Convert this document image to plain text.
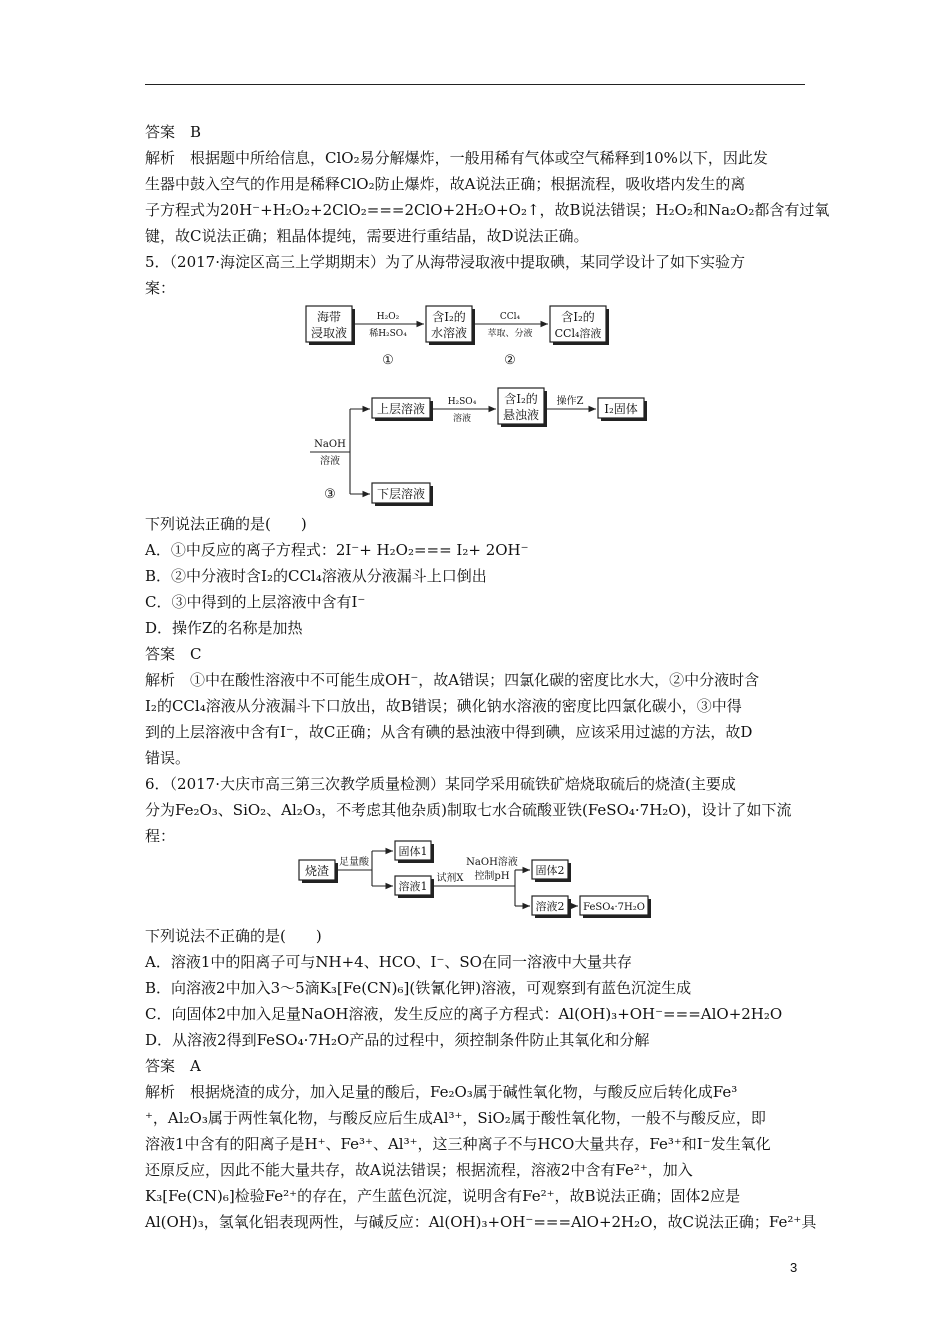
答案　B
解析　根据题中所给信息，ClO₂易分解爆炸，一般用稀有气体或空气稀释到10%以下，因此发
生器中鼓入空气的作用是稀释ClO₂防止爆炸，故A说法正确；根据流程，吸收塔内发生的离
子方程式为20H⁻+H₂O₂+2ClO₂===2ClO+2H₂O+O₂↑，故B说法错误；H₂O₂和Na₂O₂都含有过氧
键，故C说法正确；粗晶体提纯，需要进行重结晶，故D说法正确。
5．（2017·海淀区高三上学期期末）为了从海带浸取液中提取碘，某同学设计了如下实验方
案：
海带
浸取液
H₂O₂
稀H₂SO₄
含I₂的
水溶液
CCl₄
萃取、分液
含I₂的
CCl₄溶液
①	②
NaOH
溶液
上层溶液	H₂SO₄
溶液
含I₂的
悬浊液
操作Z
I₂固体
下层溶液
③
下列说法正确的是(　　)
A．①中反应的离子方程式：2I⁻+ H₂O₂=== I₂+ 2OH⁻
B．②中分液时含I₂的CCl₄溶液从分液漏斗上口倒出
C．③中得到的上层溶液中含有I⁻
D．操作Z的名称是加热
答案　C
解析　①中在酸性溶液中不可能生成OH⁻，故A错误；四氯化碳的密度比水大，②中分液时含
I₂的CCl₄溶液从分液漏斗下口放出，故B错误；碘化钠水溶液的密度比四氯化碳小，③中得
到的上层溶液中含有I⁻，故C正确；从含有碘的悬浊液中得到碘，应该采用过滤的方法，故D
错误。
6．（2017·大庆市高三第三次教学质量检测）某同学采用硫铁矿焙烧取硫后的烧渣(主要成
分为Fe₂O₃、SiO₂、Al₂O₃，不考虑其他杂质)制取七水合硫酸亚铁(FeSO₄·7H₂O)，设计了如下流
程：
烧渣
足量酸
固体1
溶液1
试剂X
NaOH溶液
控制pH 固体2
溶液2 FeSO₄·7H₂O
下列说法不正确的是(　　)
A．溶液1中的阳离子可与NH+4、HCO、I⁻、SO在同一溶液中大量共存
B．向溶液2中加入3～5滴K₃[Fe(CN)₆](铁氰化钾)溶液，可观察到有蓝色沉淀生成
C．向固体2中加入足量NaOH溶液，发生反应的离子方程式：Al(OH)₃+OH⁻===AlO+2H₂O
D．从溶液2得到FeSO₄·7H₂O产品的过程中，须控制条件防止其氧化和分解
答案　A
解析　根据烧渣的成分，加入足量的酸后，Fe₂O₃属于碱性氧化物，与酸反应后转化成Fe³
⁺，Al₂O₃属于两性氧化物，与酸反应后生成Al³⁺，SiO₂属于酸性氧化物，一般不与酸反应，即
溶液1中含有的阳离子是H⁺、Fe³⁺、Al³⁺，这三种离子不与HCO大量共存，Fe³⁺和I⁻发生氧化
还原反应，因此不能大量共存，故A说法错误；根据流程，溶液2中含有Fe²⁺，加入
K₃[Fe(CN)₆]检验Fe²⁺的存在，产生蓝色沉淀，说明含有Fe²⁺，故B说法正确；固体2应是
Al(OH)₃，氢氧化铝表现两性，与碱反应：Al(OH)₃+OH⁻===AlO+2H₂O，故C说法正确；Fe²⁺具
3
